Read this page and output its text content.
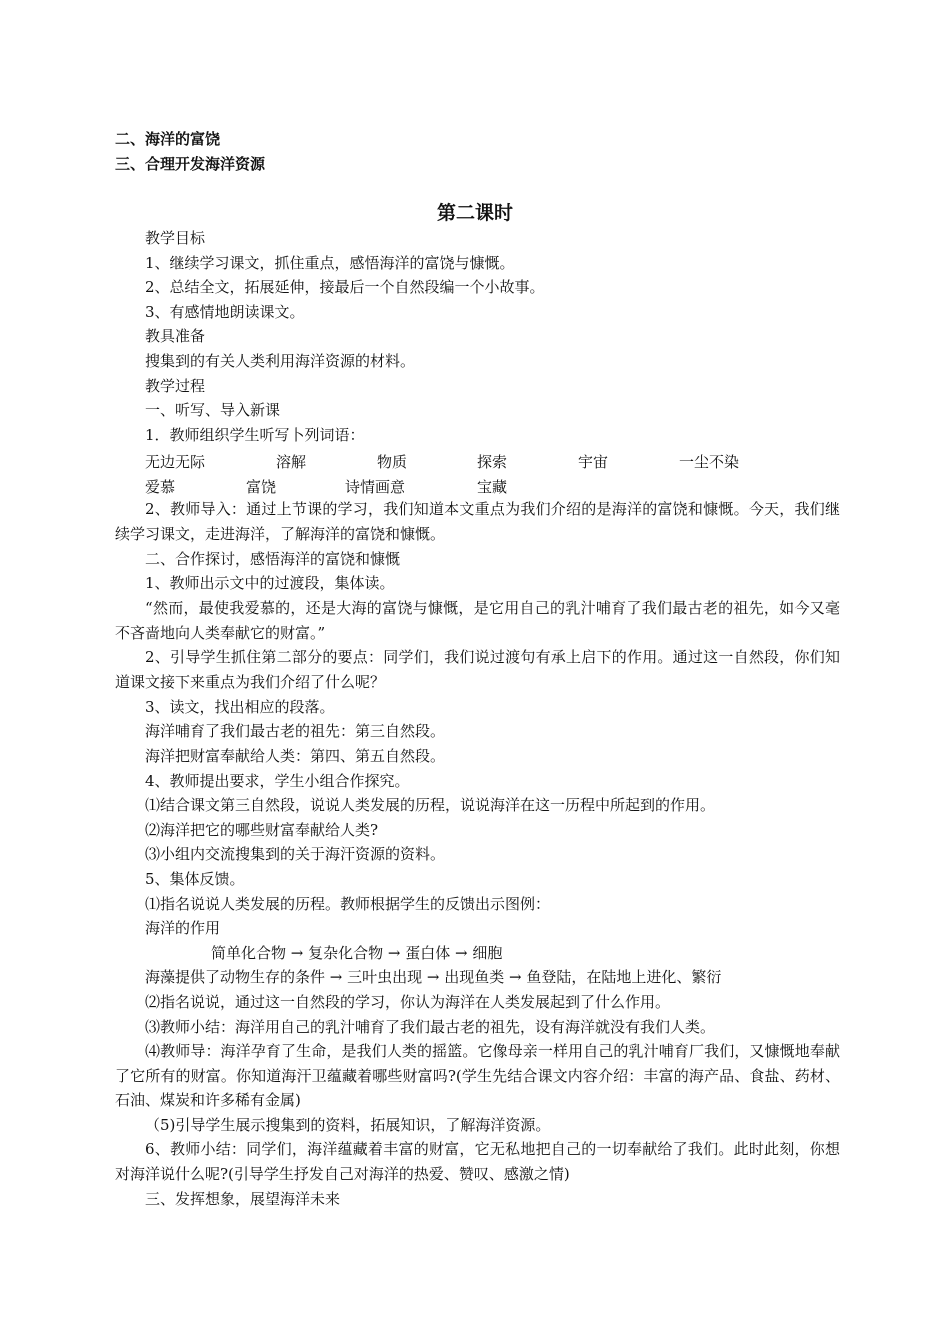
二、海洋的富饶
三、合理开发海洋资源
第二课时
教学目标
1、继续学习课文，抓住重点，感悟海洋的富饶与慷慨。
2、总结全文，拓展延伸，接最后一个自然段编一个小故事。
3、有感情地朗读课文。
教具准备
搜集到的有关人类利用海洋资源的材料。
教学过程
一、听写、导入新课
1．教师组织学生听写卜列词语：
无边无际	溶解	物质	探索	宇宙	一尘不染
爱慕	富饶	诗情画意	宝藏
2、教师导入：通过上节课的学习，我们知道本文重点为我们介绍的是海洋的富饶和慷慨。今天，我们继续学习课文，走进海洋，了解海洋的富饶和慷慨。
二、合作探讨，感悟海洋的富饶和慷慨
1、教师出示文中的过渡段，集体读。
“然而，最使我爱慕的，还是大海的富饶与慷慨，是它用自己的乳汁哺育了我们最古老的祖先，如今又毫不吝啬地向人类奉献它的财富。”
2、引导学生抓住第二部分的要点：同学们，我们说过渡句有承上启下的作用。通过这一自然段，你们知道课文接下来重点为我们介绍了什么呢？
3、读文，找出相应的段落。
海洋哺育了我们最古老的祖先：第三自然段。
海洋把财富奉献给人类：第四、第五自然段。
4、教师提出要求，学生小组合作探究。
⑴结合课文第三自然段，说说人类发展的历程，说说海洋在这一历程中所起到的作用。
⑵海洋把它的哪些财富奉献给人类?
⑶小组内交流搜集到的关于海汗资源的资料。
5、集体反馈。
⑴指名说说人类发展的历程。教师根据学生的反馈出示图例：
海洋的作用
简单化合物 → 复杂化合物 → 蛋白体 → 细胞
海藻提供了动物生存的条件 → 三叶虫出现 → 出现鱼类 → 鱼登陆，在陆地上进化、繁衍
⑵指名说说，通过这一自然段的学习，你认为海洋在人类发展起到了什么作用。
⑶教师小结：海洋用自己的乳汁哺育了我们最古老的祖先，设有海洋就没有我们人类。
⑷教师导：海洋孕育了生命，是我们人类的摇篮。它像母亲一样用自己的乳汁哺育厂我们，又慷慨地奉献了它所有的财富。你知道海汗卫蕴藏着哪些财富吗?(学生先结合课文内容介绍：丰富的海产品、食盐、药材、石油、煤炭和许多稀有金属)
（5)引导学生展示搜集到的资料，拓展知识，了解海洋资源。
6、教师小结：同学们，海洋蕴藏着丰富的财富，它无私地把自己的一切奉献给了我们。此时此刻，你想对海洋说什么呢?(引导学生抒发自己对海洋的热爱、赞叹、感激之情)
三、发挥想象，展望海洋未来
